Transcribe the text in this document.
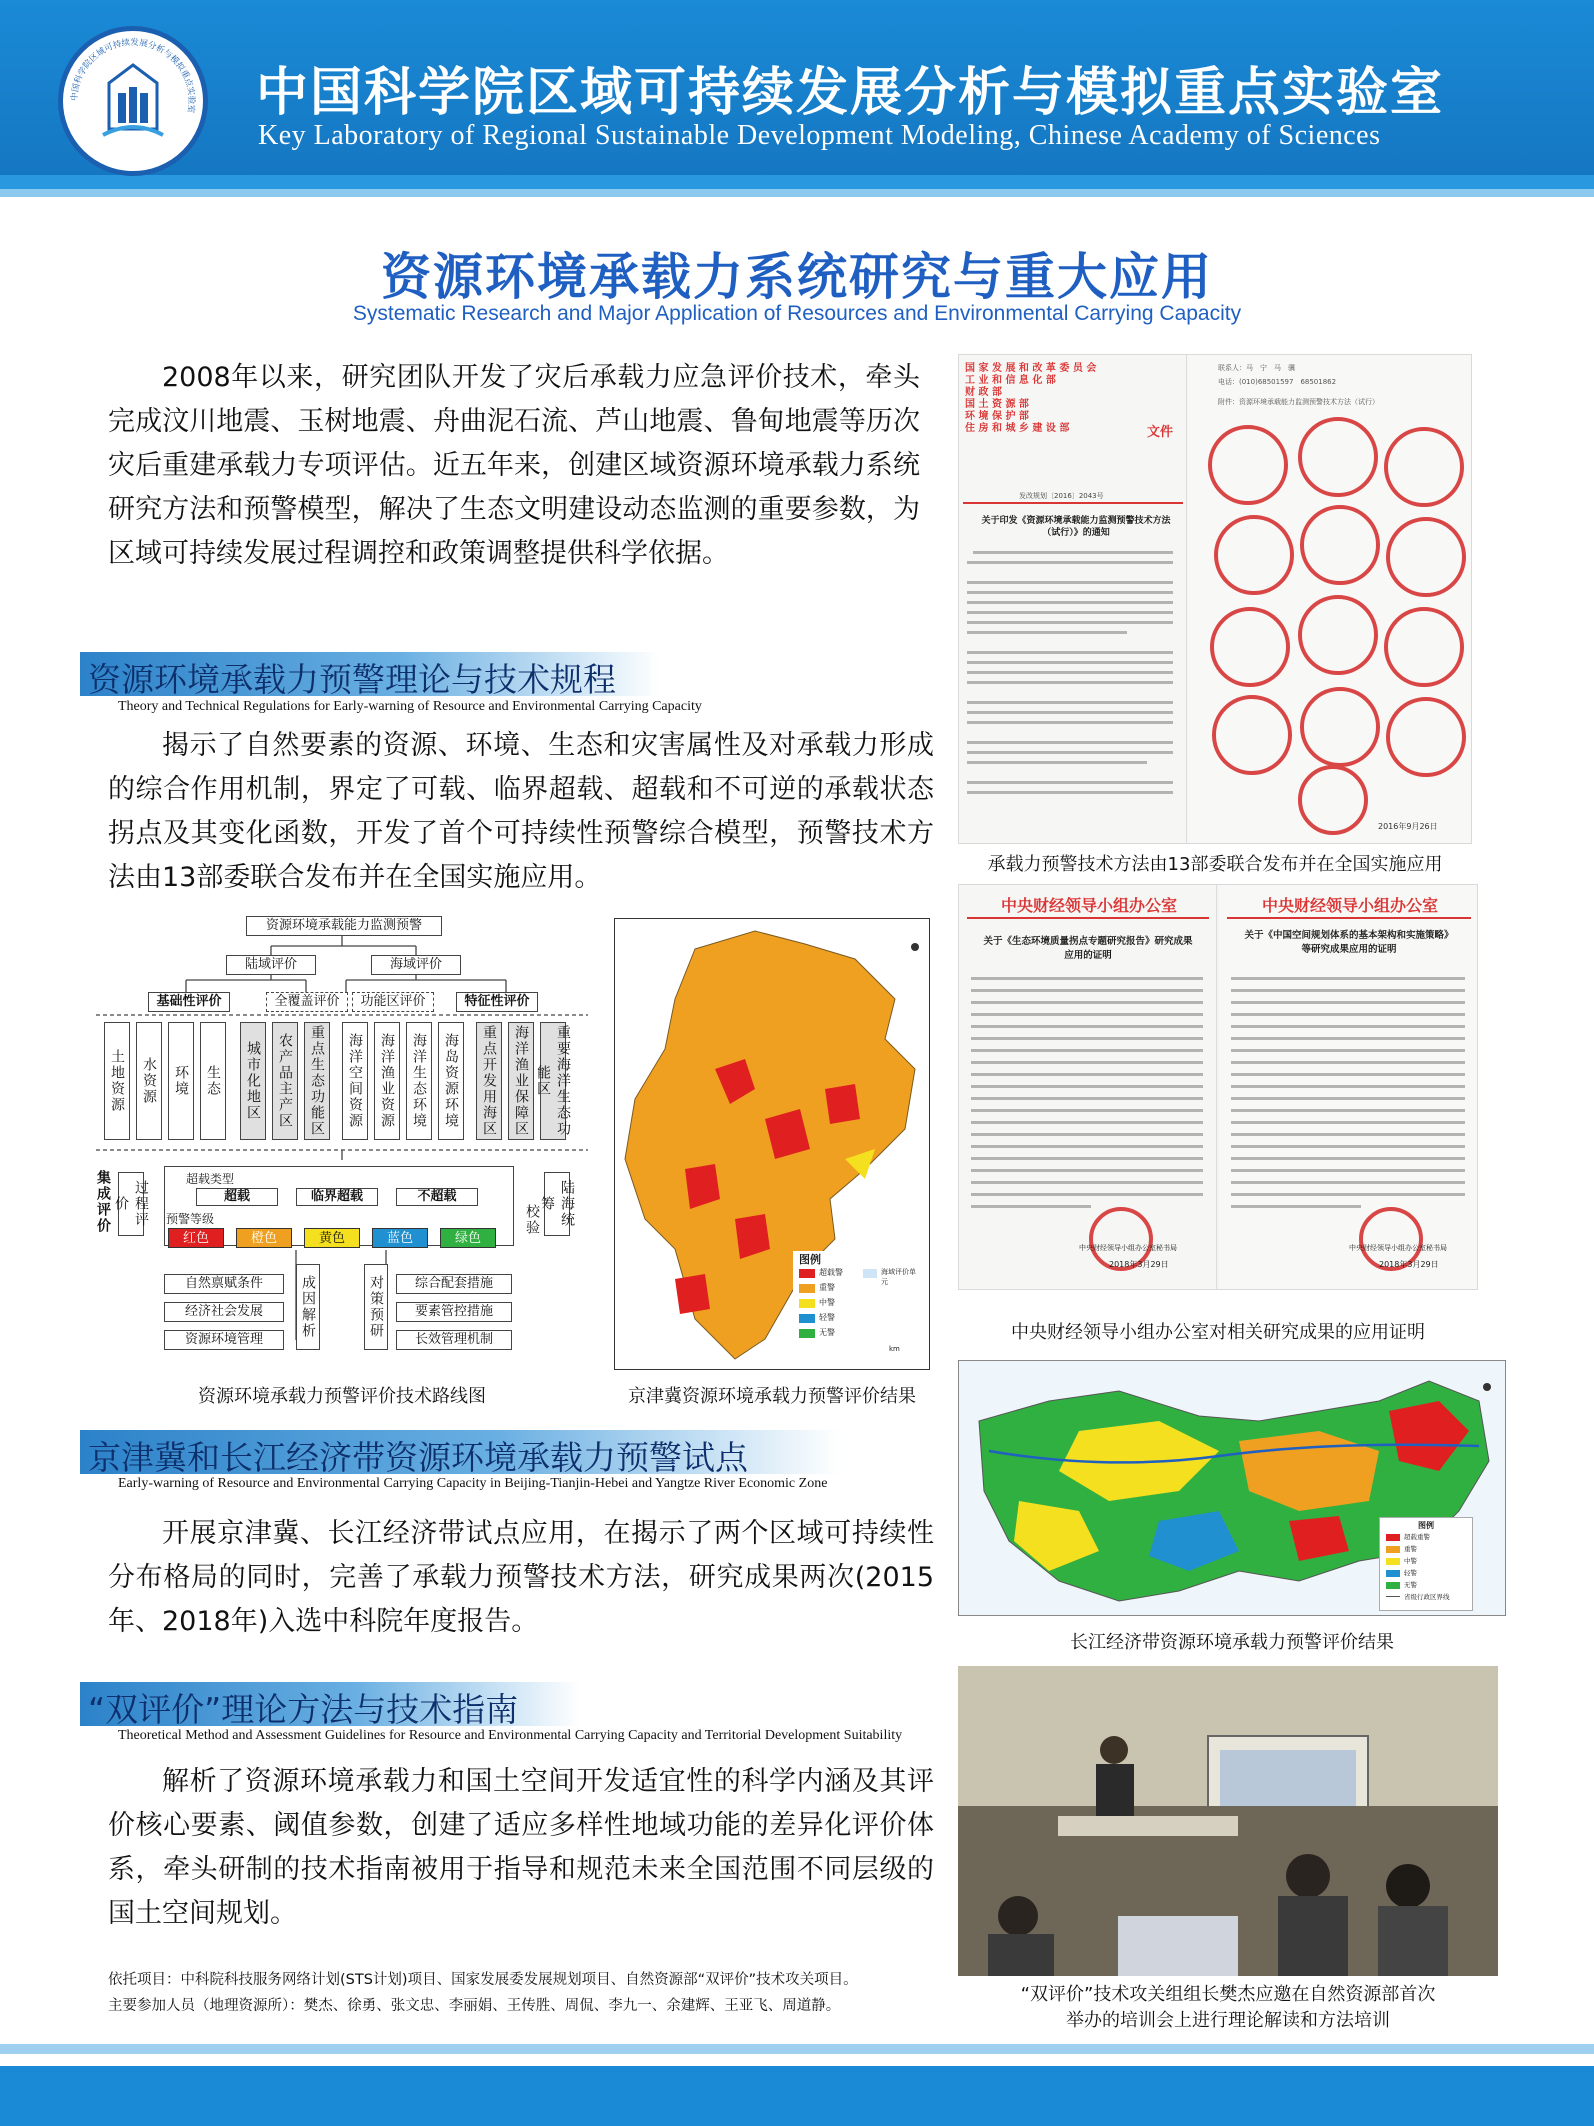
中国科学院区域可持续发展分析与模拟重点实验室 中国科学院区域可持续发展分析与模拟重点实验室
Key Laboratory of Regional Sustainable Development Modeling, Chinese Academy of Sciences
资源环境承载力系统研究与重大应用
Systematic Research and Major Application of Resources and Environmental Carrying Capacity
2008年以来，研究团队开发了灾后承载力应急评价技术，牵头完成汶川地震、玉树地震、舟曲泥石流、芦山地震、鲁甸地震等历次灾后重建承载力专项评估。近五年来，创建区域资源环境承载力系统研究方法和预警模型，解决了生态文明建设动态监测的重要参数，为区域可持续发展过程调控和政策调整提供科学依据。
资源环境承载力预警理论与技术规程
Theory and Technical Regulations for Early-warning of Resource and Environmental Carrying Capacity
揭示了自然要素的资源、环境、生态和灾害属性及对承载力形成的综合作用机制，界定了可载、临界超载、超载和不可逆的承载状态拐点及其变化函数，开发了首个可持续性预警综合模型，预警技术方法由13部委联合发布并在全国实施应用。
资源环境承载能力监测预警
陆域评价	海域评价
基础性评价	全覆盖评价	功能区评价	特征性评价
土地资源	水资源	环境	生态	城市化地区	农产品主产区	重点生态功能区	海洋空间资源	海洋渔业资源	海洋生态环境	海岛资源环境	重点开发用海区	海洋渔业保障区	重要海洋生态功能区
超载类型
超载	临界超载	不超载
预警等级
红色	橙色	黄色	蓝色	绿色
集成评价	过程评价	陆海统筹
校验
自然禀赋条件
经济社会发展
资源环境管理
成因解析	对策预研	综合配套措施
要素管控措施
长效管理机制
资源环境承载力预警评价技术路线图
图例
超载警
重警
中警
轻警
无警
海域评价单元
km
京津冀资源环境承载力预警评价结果
京津冀和长江经济带资源环境承载力预警试点
Early-warning of Resource and Environmental Carrying Capacity in Beijing-Tianjin-Hebei and Yangtze River Economic Zone
开展京津冀、长江经济带试点应用，在揭示了两个区域可持续性分布格局的同时，完善了承载力预警技术方法，研究成果两次(2015年、2018年)入选中科院年度报告。
“双评价”理论方法与技术指南
Theoretical Method and Assessment Guidelines for Resource and Environmental Carrying Capacity and Territorial Development Suitability
解析了资源环境承载力和国土空间开发适宜性的科学内涵及其评价核心要素、阈值参数，创建了适应多样性地域功能的差异化评价体系，牵头研制的技术指南被用于指导和规范未来全国范围不同层级的国土空间规划。
依托项目：中科院科技服务网络计划(STS计划)项目、国家发展委发展规划项目、自然资源部“双评价”技术攻关项目。
主要参加人员（地理资源所）：樊杰、徐勇、张文忠、李丽娟、王传胜、周侃、李九一、余建辉、王亚飞、周道静。
国 家 发 展 和 改 革 委 员 会
工 业 和 信 息 化 部
财 政 部
国 土 资 源 部
环 境 保 护 部
住 房 和 城 乡 建 设 部	文件
发改规划〔2016〕2043号
关于印发《资源环境承载能力监测预警技术方法（试行）》的通知
联系人：马　宁　马　骥
电话：(010)68501597　68501862
附件：资源环境承载能力监测预警技术方法（试行）
2016年9月26日
承载力预警技术方法由13部委联合发布并在全国实施应用
中央财经领导小组办公室
关于《生态环境质量拐点专题研究报告》研究成果应用的证明
中央财经领导小组办公室秘书局
2018年3月29日
中央财经领导小组办公室
关于《中国空间规划体系的基本架构和实施策略》等研究成果应用的证明
中央财经领导小组办公室秘书局
2018年3月29日
中央财经领导小组办公室对相关研究成果的应用证明
图例
超载重警
重警
中警
轻警
无警
省级行政区界线
长江经济带资源环境承载力预警评价结果
“双评价”技术攻关组组长樊杰应邀在自然资源部首次
举办的培训会上进行理论解读和方法培训
